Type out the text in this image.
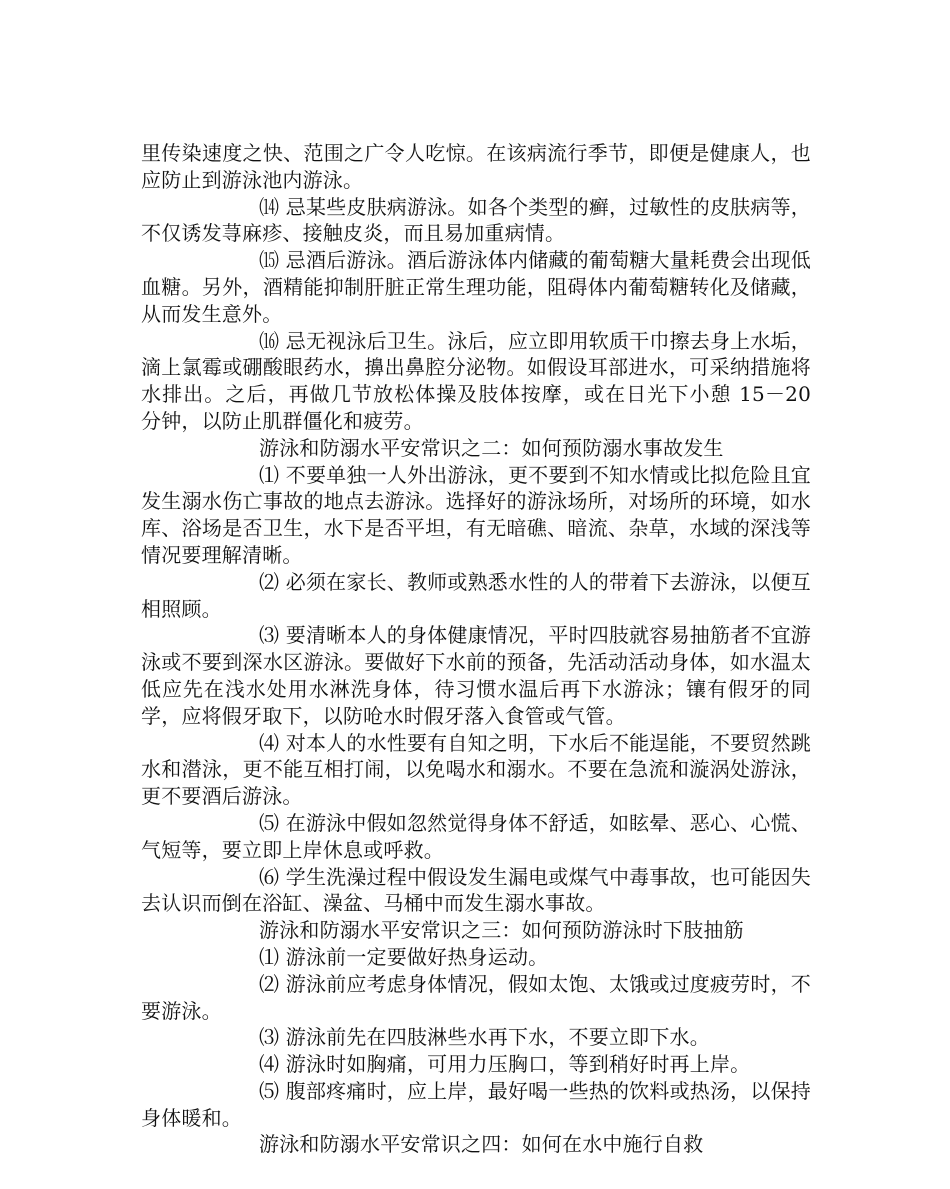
里传染速度之快、范围之广令人吃惊。在该病流行季节，即便是健康人，也应防止到游泳池内游泳。

⒁ 忌某些皮肤病游泳。如各个类型的癣，过敏性的皮肤病等，不仅诱发荨麻疹、接触皮炎，而且易加重病情。

⒂ 忌酒后游泳。酒后游泳体内储藏的葡萄糖大量耗费会出现低血糖。另外，酒精能抑制肝脏正常生理功能，阻碍体内葡萄糖转化及储藏，从而发生意外。

⒃ 忌无视泳后卫生。泳后，应立即用软质干巾擦去身上水垢，滴上氯霉或硼酸眼药水，擤出鼻腔分泌物。如假设耳部进水，可采纳措施将水排出。之后，再做几节放松体操及肢体按摩，或在日光下小憩 15－20 分钟，以防止肌群僵化和疲劳。

游泳和防溺水平安常识之二：如何预防溺水事故发生

⑴ 不要单独一人外出游泳，更不要到不知水情或比拟危险且宜发生溺水伤亡事故的地点去游泳。选择好的游泳场所，对场所的环境，如水库、浴场是否卫生，水下是否平坦，有无暗礁、暗流、杂草，水域的深浅等情况要理解清晰。

⑵ 必须在家长、教师或熟悉水性的人的带着下去游泳，以便互相照顾。

⑶ 要清晰本人的身体健康情况，平时四肢就容易抽筋者不宜游泳或不要到深水区游泳。要做好下水前的预备，先活动活动身体，如水温太低应先在浅水处用水淋洗身体，待习惯水温后再下水游泳；镶有假牙的同学，应将假牙取下，以防呛水时假牙落入食管或气管。

⑷ 对本人的水性要有自知之明，下水后不能逞能，不要贸然跳水和潜泳，更不能互相打闹，以免喝水和溺水。不要在急流和漩涡处游泳，更不要酒后游泳。

⑸ 在游泳中假如忽然觉得身体不舒适，如眩晕、恶心、心慌、气短等，要立即上岸休息或呼救。

⑹ 学生洗澡过程中假设发生漏电或煤气中毒事故，也可能因失去认识而倒在浴缸、澡盆、马桶中而发生溺水事故。

游泳和防溺水平安常识之三：如何预防游泳时下肢抽筋

⑴ 游泳前一定要做好热身运动。

⑵ 游泳前应考虑身体情况，假如太饱、太饿或过度疲劳时，不要游泳。

⑶ 游泳前先在四肢淋些水再下水，不要立即下水。

⑷ 游泳时如胸痛，可用力压胸口，等到稍好时再上岸。

⑸ 腹部疼痛时，应上岸，最好喝一些热的饮料或热汤，以保持身体暖和。

游泳和防溺水平安常识之四：如何在水中施行自救
